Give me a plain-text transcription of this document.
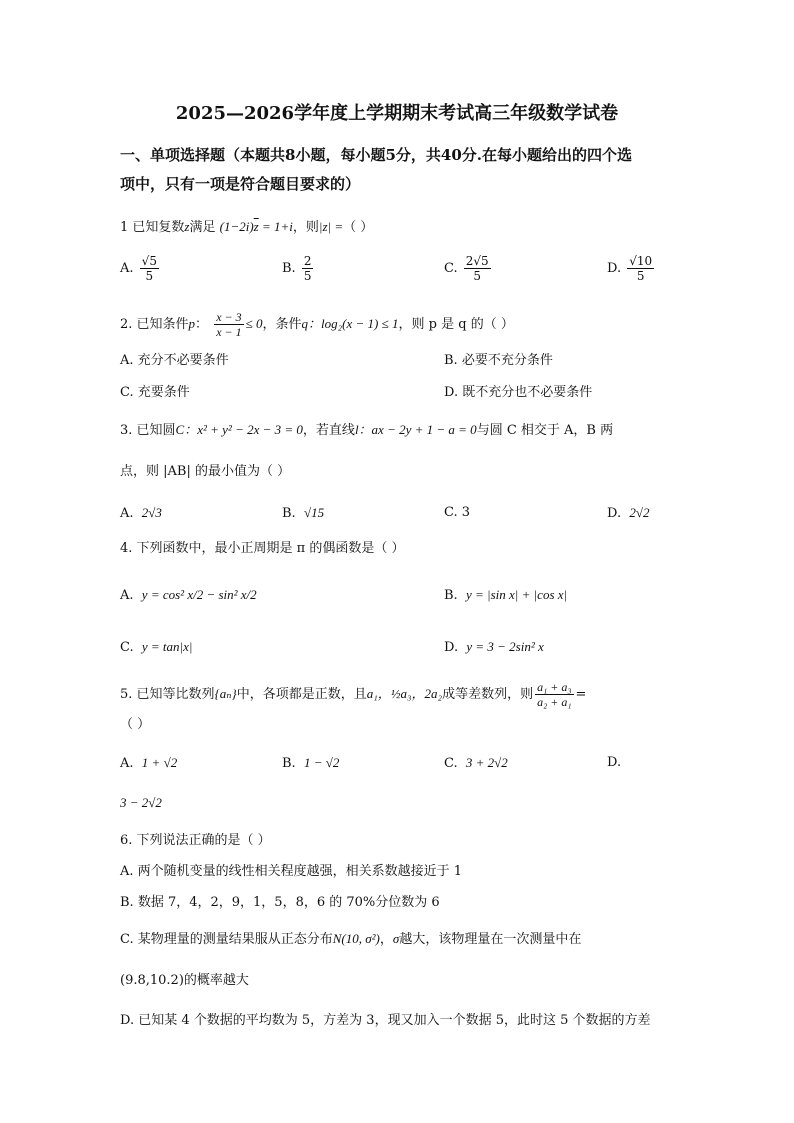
2025—2026学年度上学期期末考试高三年级数学试卷
一、单项选择题（本题共8小题，每小题5分，共40分.在每小题给出的四个选
项中，只有一项是符合题目要求的）
1 已知复数z满足 $(1-2i)\overline{z} = 1+i$，则|z| =（ ）
A. $\frac{√5}{5}$	B. $\frac{2}{5}$	C. $\frac{2√5}{5}$	D. $\frac{√10}{5}$
2. 已知条件p： $\frac{x - 3}{x - 1} \le 0$，条件q：log₂(x − 1) ≤ 1，则 p 是 q 的（ ）
A. 充分不必要条件	B. 必要不充分条件
C. 充要条件	D. 既不充分也不必要条件
3. 已知圆C：x² + y² − 2x − 3 = 0，若直线l：ax − 2y + 1 − a = 0与圆 C 相交于 A，B 两
点，则 |AB| 的最小值为（ ）
A. 2√3	B. √15	C. 3	D. 2√2
4. 下列函数中，最小正周期是 π 的偶函数是（ ）
A. y = cos² x/2 − sin² x/2	B. y = |sin x| + |cos x|
C. y = tan|x|	D. y = 3 − 2sin² x
5. 已知等比数列{aₙ}中，各项都是正数，且a₁，½a₃，2a₂成等差数列，则 $\frac{\text{a₁ + a₃}}{\text{a₂ + a₁}}$ =
（ ）
A. 1 + √2	B. 1 − √2	C. 3 + 2√2	D.
3 − 2√2
6. 下列说法正确的是（ ）
A. 两个随机变量的线性相关程度越强，相关系数越接近于 1
B. 数据 7，4，2，9，1，5，8，6 的 70%分位数为 6
C. 某物理量的测量结果服从正态分布N(10, σ²)，σ越大，该物理量在一次测量中在
(9.8,10.2)的概率越大
D. 已知某 4 个数据的平均数为 5，方差为 3，现又加入一个数据 5，此时这 5 个数据的方差
